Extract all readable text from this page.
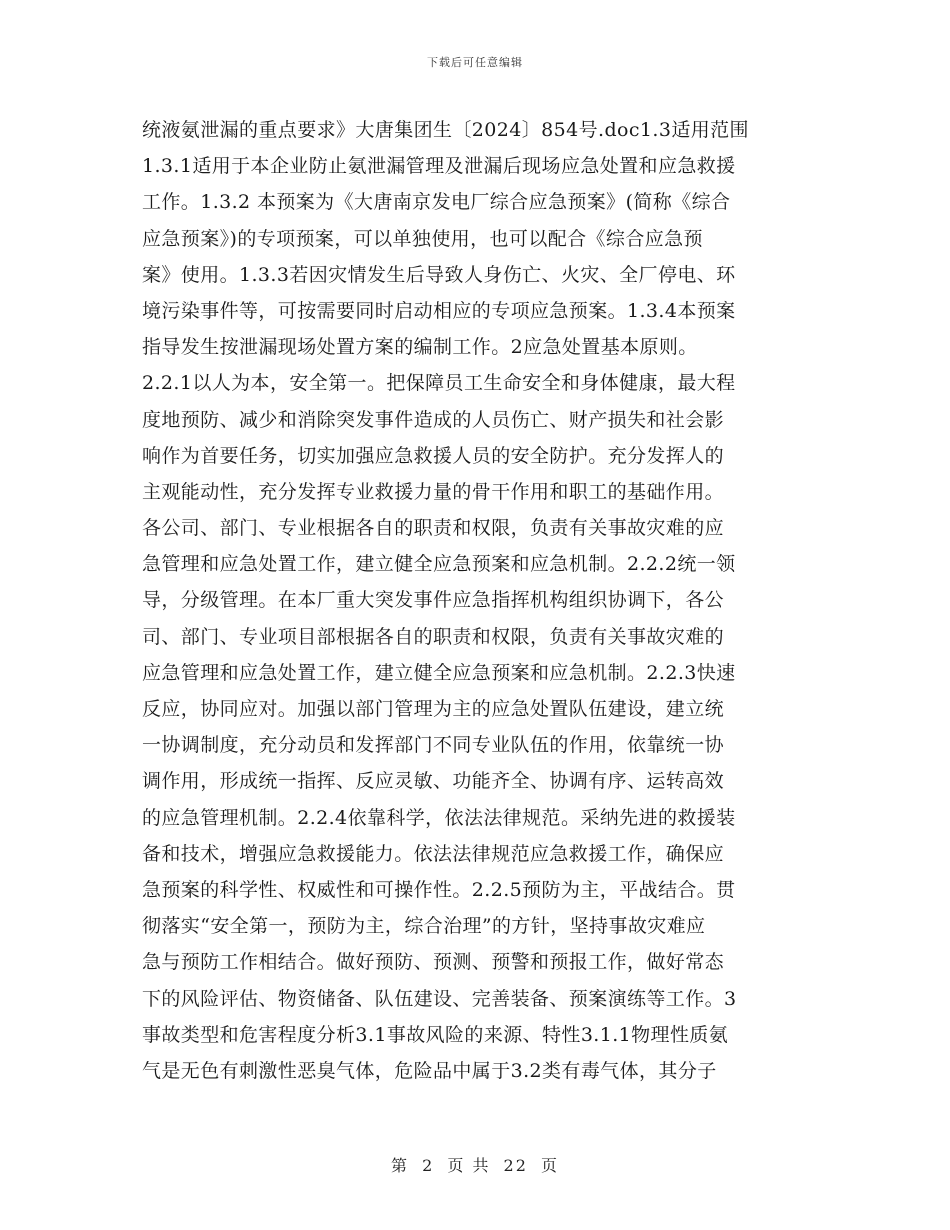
下载后可任意编辑
统液氨泄漏的重点要求》大唐集团生〔2024〕854号.doc1.3适用范围
1.3.1适用于本企业防止氨泄漏管理及泄漏后现场应急处置和应急救援
工作。1.3.2 本预案为《大唐南京发电厂综合应急预案》(简称《综合
应急预案》)的专项预案，可以单独使用，也可以配合《综合应急预
案》使用。1.3.3若因灾情发生后导致人身伤亡、火灾、全厂停电、环
境污染事件等，可按需要同时启动相应的专项应急预案。1.3.4本预案
指导发生按泄漏现场处置方案的编制工作。2应急处置基本原则。
2.2.1以人为本，安全第一。把保障员工生命安全和身体健康，最大程
度地预防、减少和消除突发事件造成的人员伤亡、财产损失和社会影
响作为首要任务，切实加强应急救援人员的安全防护。充分发挥人的
主观能动性，充分发挥专业救援力量的骨干作用和职工的基础作用。
各公司、部门、专业根据各自的职责和权限，负责有关事故灾难的应
急管理和应急处置工作，建立健全应急预案和应急机制。2.2.2统一领
导，分级管理。在本厂重大突发事件应急指挥机构组织协调下，各公
司、部门、专业项目部根据各自的职责和权限，负责有关事故灾难的
应急管理和应急处置工作，建立健全应急预案和应急机制。2.2.3快速
反应，协同应对。加强以部门管理为主的应急处置队伍建设，建立统
一协调制度，充分动员和发挥部门不同专业队伍的作用，依靠统一协
调作用，形成统一指挥、反应灵敏、功能齐全、协调有序、运转高效
的应急管理机制。2.2.4依靠科学，依法法律规范。采纳先进的救援装
备和技术，增强应急救援能力。依法法律规范应急救援工作，确保应
急预案的科学性、权威性和可操作性。2.2.5预防为主，平战结合。贯
彻落实“安全第一，预防为主，综合治理”的方针，坚持事故灾难应
急与预防工作相结合。做好预防、预测、预警和预报工作，做好常态
下的风险评估、物资储备、队伍建设、完善装备、预案演练等工作。3
事故类型和危害程度分析3.1事故风险的来源、特性3.1.1物理性质氨
气是无色有刺激性恶臭气体，危险品中属于3.2类有毒气体，其分子
第 2 页 共 22 页
